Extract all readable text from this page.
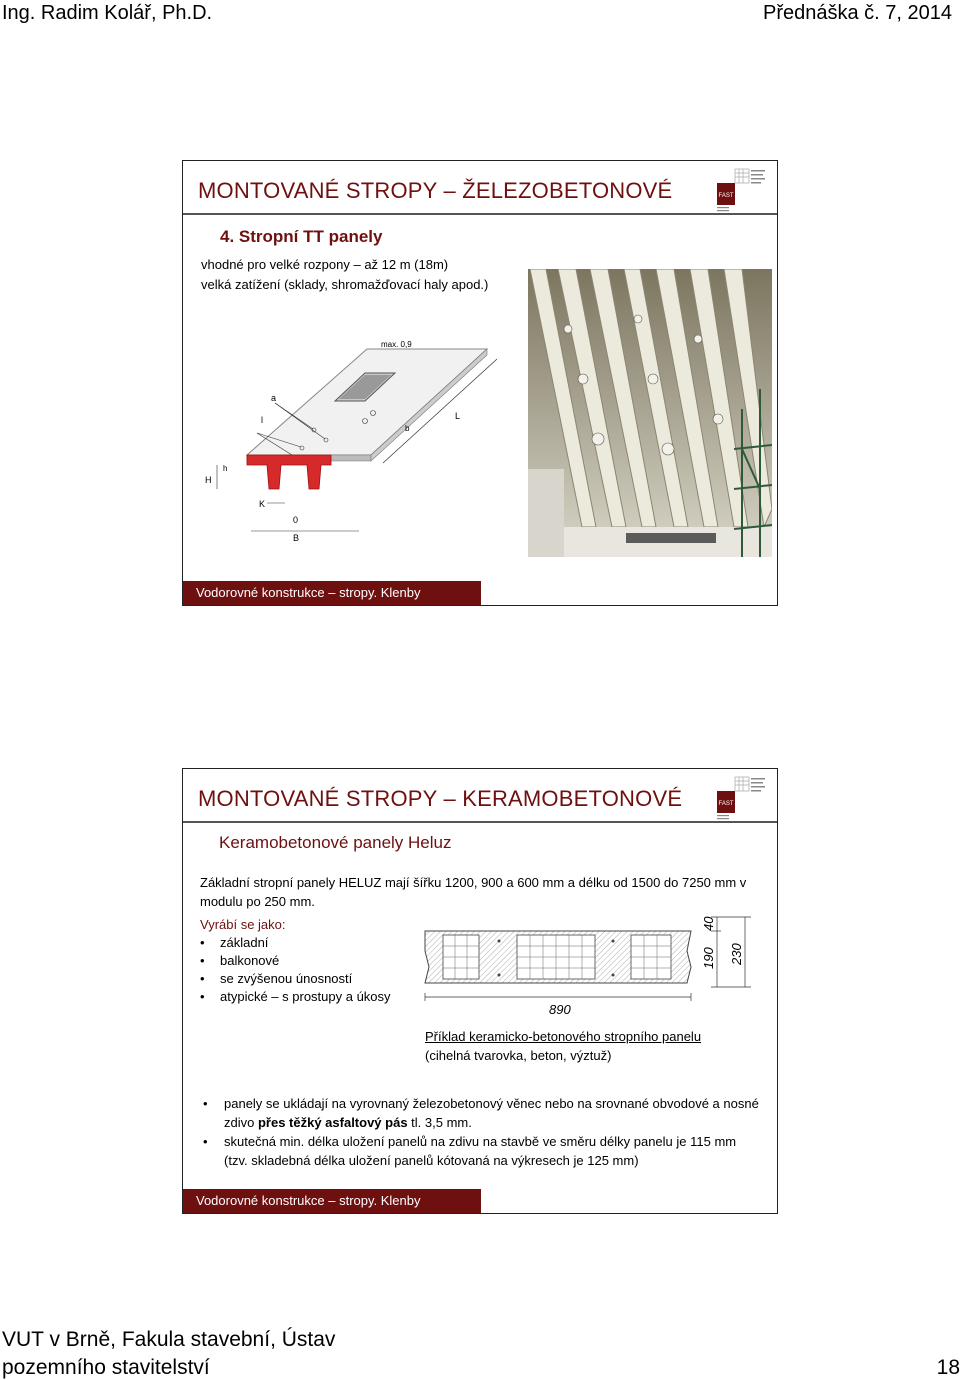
Ing. Radim Kolář, Ph.D.	Přednáška č. 7, 2014
MONTOVANÉ STROPY – ŽELEZOBETONOVÉ	FAST
4. Stropní TT panely
vhodné pro velké rozpony – až 12 m (18m)
velká zatížení (sklady, shromažďovací haly apod.)
L
max. 0,9
a
l
b
H
h
K
0
B
Vodorovné konstrukce – stropy. Klenby
MONTOVANÉ STROPY – KERAMOBETONOVÉ	FAST
Keramobetonové panely Heluz
Základní stropní panely HELUZ mají šířku 1200, 900 a 600 mm a délku od 1500 do 7250 mm v modulu po 250 mm.
Vyrábí se jako:
• základní
• balkonové
• se zvýšenou únosností
• atypické – s prostupy a úkosy
890
190
40
230
Příklad keramicko-betonového stropního panelu
(cihelná tvarovka, beton, výztuž)
• panely se ukládají na vyrovnaný železobetonový věnec nebo na srovnané obvodové a nosné zdivo přes těžký asfaltový pás tl. 3,5 mm.
• skutečná min. délka uložení panelů na zdivu na stavbě ve směru délky panelu je 115 mm (tzv. skladebná délka uložení panelů kótovaná na výkresech je 125 mm)
Vodorovné konstrukce – stropy. Klenby
VUT v Brně, Fakula stavební, Ústav
pozemního stavitelství	18
